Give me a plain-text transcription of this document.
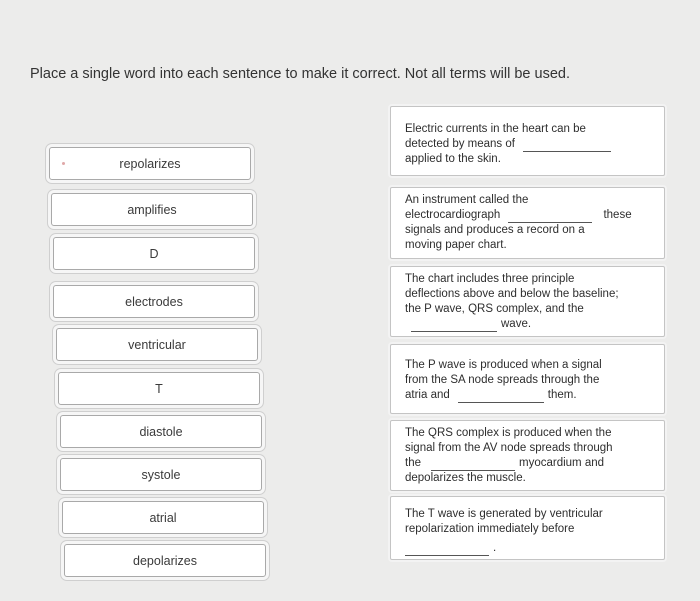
Place a single word into each sentence to make it correct. Not all terms will be used.
repolarizes
amplifies
D
electrodes
ventricular
T
diastole
systole
atrial
depolarizes
Electric currents in the heart can be
detected by means of
applied to the skin.
An instrument called the
electrocardiograph	these
signals and produces a record on a
moving paper chart.
The chart includes three principle
deflections above and below the baseline;
the P wave, QRS complex, and the
wave.
The P wave is produced when a signal
from the SA node spreads through the
atria and	them.
The QRS complex is produced when the
signal from the AV node spreads through
the	myocardium and
depolarizes the muscle.
The T wave is generated by ventricular
repolarization immediately before
.
